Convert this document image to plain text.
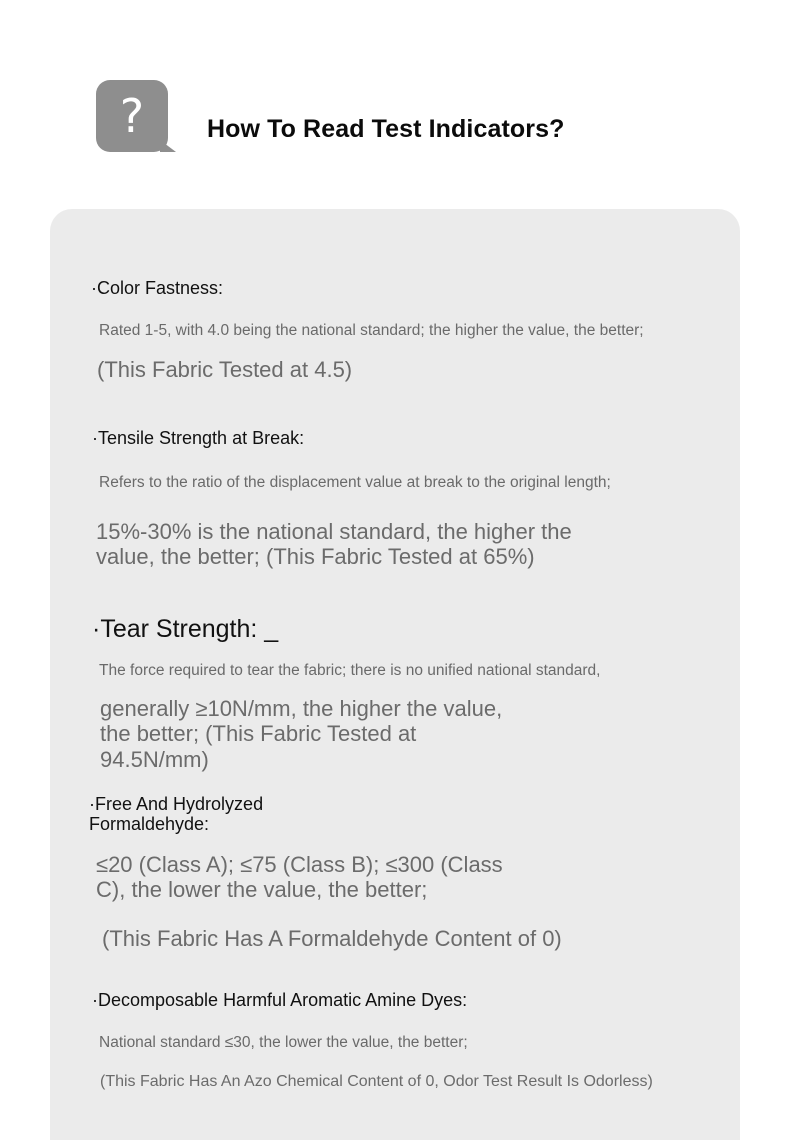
?	How To Read Test Indicators?
·Color Fastness:
Rated 1-5, with 4.0 being the national standard; the higher the value, the better;
(This Fabric Tested at 4.5)
·Tensile Strength at Break:
Refers to the ratio of the displacement value at break to the original length;
15%-30% is the national standard, the higher the
value, the better; (This Fabric Tested at 65%)
·Tear Strength: _
The force required to tear the fabric; there is no unified national standard,
generally ≥10N/mm, the higher the value,
the better; (This Fabric Tested at
94.5N/mm)
·Free And Hydrolyzed
Formaldehyde:
≤20 (Class A); ≤75 (Class B); ≤300 (Class
C), the lower the value, the better;
(This Fabric Has A Formaldehyde Content of 0)
·Decomposable Harmful Aromatic Amine Dyes:
National standard ≤30, the lower the value, the better;
(This Fabric Has An Azo Chemical Content of 0, Odor Test Result Is Odorless)
